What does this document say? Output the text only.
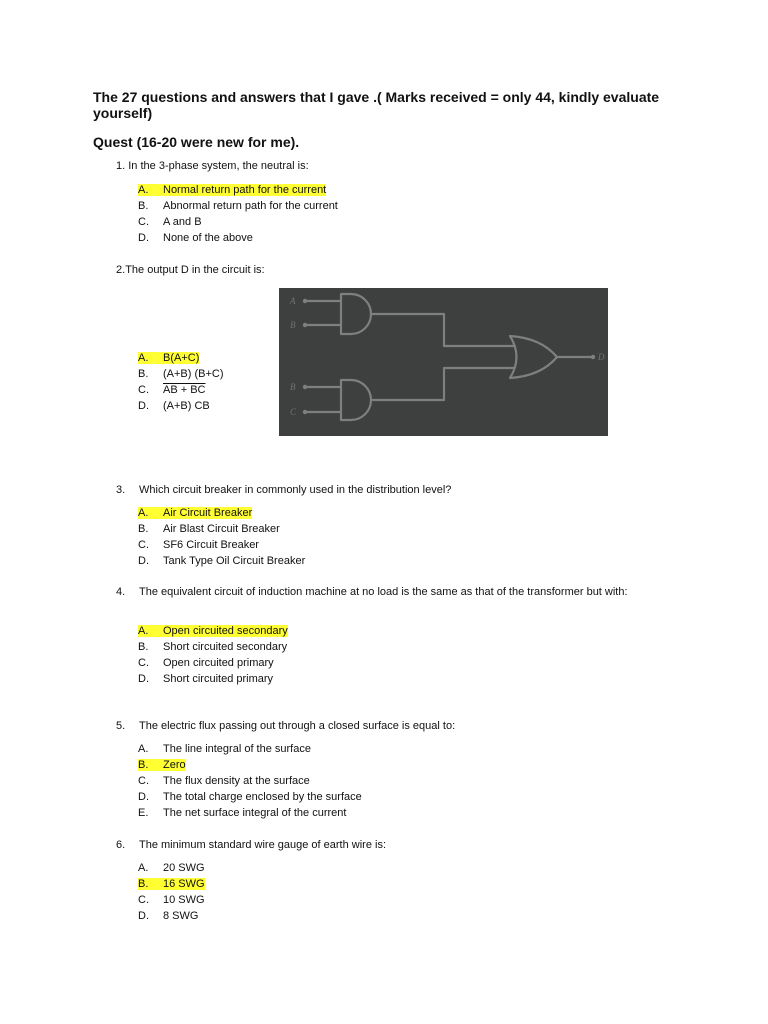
The 27 questions and answers that I gave .( Marks received = only 44, kindly evaluate yourself)
Quest (16-20 were new for me).
1. In the 3-phase system, the neutral is:
A. Normal return path for the current
B. Abnormal return path for the current
C. A and B
D. None of the above
2.The output D in the circuit is:
A. B(A+C)
B. (A+B) (B+C)
C. AB + BC
D. (A+B) CB
A
B
B
C
D
3. Which circuit breaker in commonly used in the distribution level?
A. Air Circuit Breaker
B. Air Blast Circuit Breaker
C. SF6 Circuit Breaker
D. Tank Type Oil Circuit Breaker
4.	The equivalent circuit of induction machine at no load is the same as that of the transformer but with:
A. Open circuited secondary
B. Short circuited secondary
C. Open circuited primary
D. Short circuited primary
5. The electric flux passing out through a closed surface is equal to:
A. The line integral of the surface
B. Zero
C. The flux density at the surface
D. The total charge enclosed by the surface
E. The net surface integral of the current
6. The minimum standard wire gauge of earth wire is:
A. 20 SWG
B. 16 SWG
C. 10 SWG
D. 8 SWG
